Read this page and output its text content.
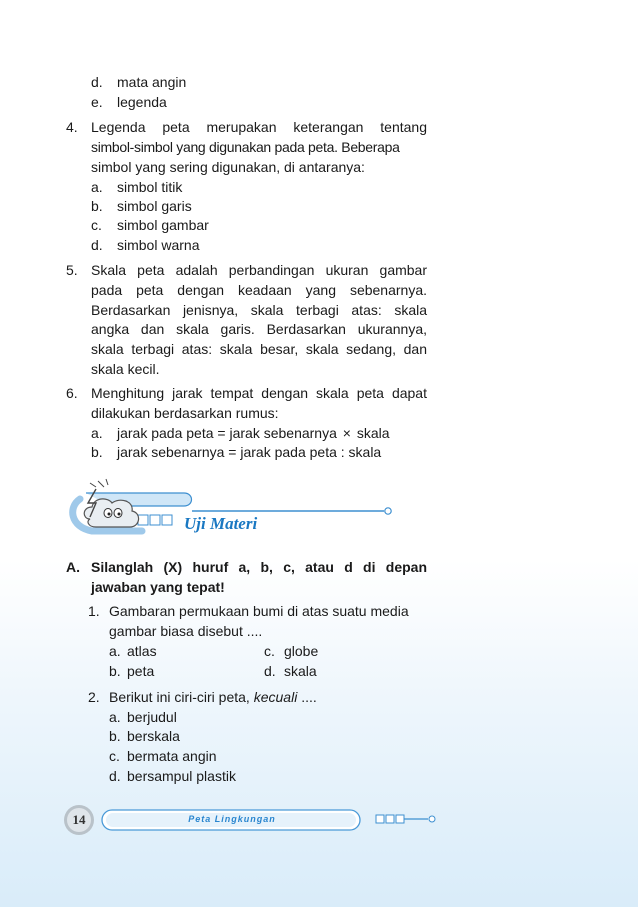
d. mata angin
e. legenda
4. Legenda peta merupakan keterangan tentang
simbol-simbol yang digunakan pada peta. Beberapa
simbol yang sering digunakan, di antaranya:
a. simbol titik
b. simbol garis
c. simbol gambar
d. simbol warna
5. Skala peta adalah perbandingan ukuran gambar
pada peta dengan keadaan yang sebenarnya.
Berdasarkan jenisnya, skala terbagi atas: skala
angka dan skala garis. Berdasarkan ukurannya,
skala terbagi atas: skala besar, skala sedang, dan
skala kecil.
6. Menghitung jarak tempat dengan skala peta dapat
dilakukan berdasarkan rumus:
a. jarak pada peta = jarak sebenarnya × skala
b. jarak sebenarnya = jarak pada peta : skala
Uji Materi
A. Silanglah (X) huruf a, b, c, atau d di depan
jawaban yang tepat!
1. Gambaran permukaan bumi di atas suatu media
gambar biasa disebut ....
a. atlas	c. globe
b. peta	d. skala
2. Berikut ini ciri-ciri peta, kecuali ....
a. berjudul
b. berskala
c. bermata angin
d. bersampul plastik
14	Peta Lingkungan
